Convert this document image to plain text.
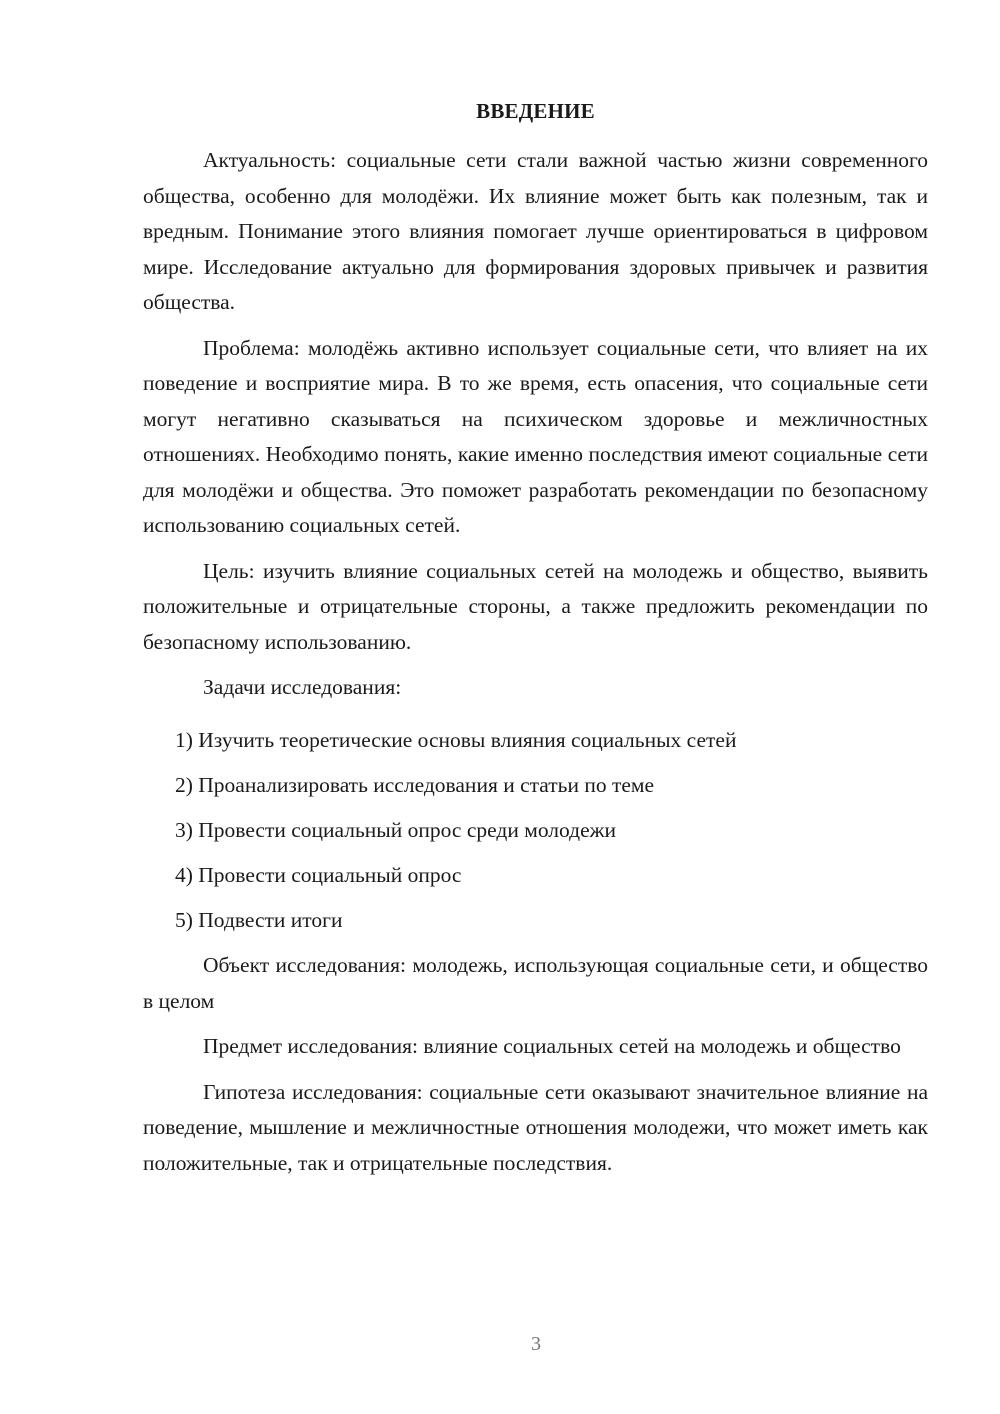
ВВЕДЕНИЕ

Актуальность: социальные сети стали важной частью жизни современного общества, особенно для молодёжи. Их влияние может быть как полезным, так и вредным. Понимание этого влияния помогает лучше ориентироваться в цифровом мире. Исследование актуально для формирования здоровых привычек и развития общества.

Проблема: молодёжь активно использует социальные сети, что влияет на их поведение и восприятие мира. В то же время, есть опасения, что социальные сети могут негативно сказываться на психическом здоровье и межличностных отношениях. Необходимо понять, какие именно последствия имеют социальные сети для молодёжи и общества. Это поможет разработать рекомендации по безопасному использованию социальных сетей.

Цель: изучить влияние социальных сетей на молодежь и общество, выявить положительные и отрицательные стороны, а также предложить рекомендации по безопасному использованию.

Задачи исследования:

1) Изучить теоретические основы влияния социальных сетей
2) Проанализировать исследования и статьи по теме
3) Провести социальный опрос среди молодежи
4) Провести социальный опрос
5) Подвести итоги

Объект исследования: молодежь, использующая социальные сети, и общество в целом

Предмет исследования: влияние социальных сетей на молодежь и общество

Гипотеза исследования: социальные сети оказывают значительное влияние на поведение, мышление и межличностные отношения молодежи, что может иметь как положительные, так и отрицательные последствия.

3
